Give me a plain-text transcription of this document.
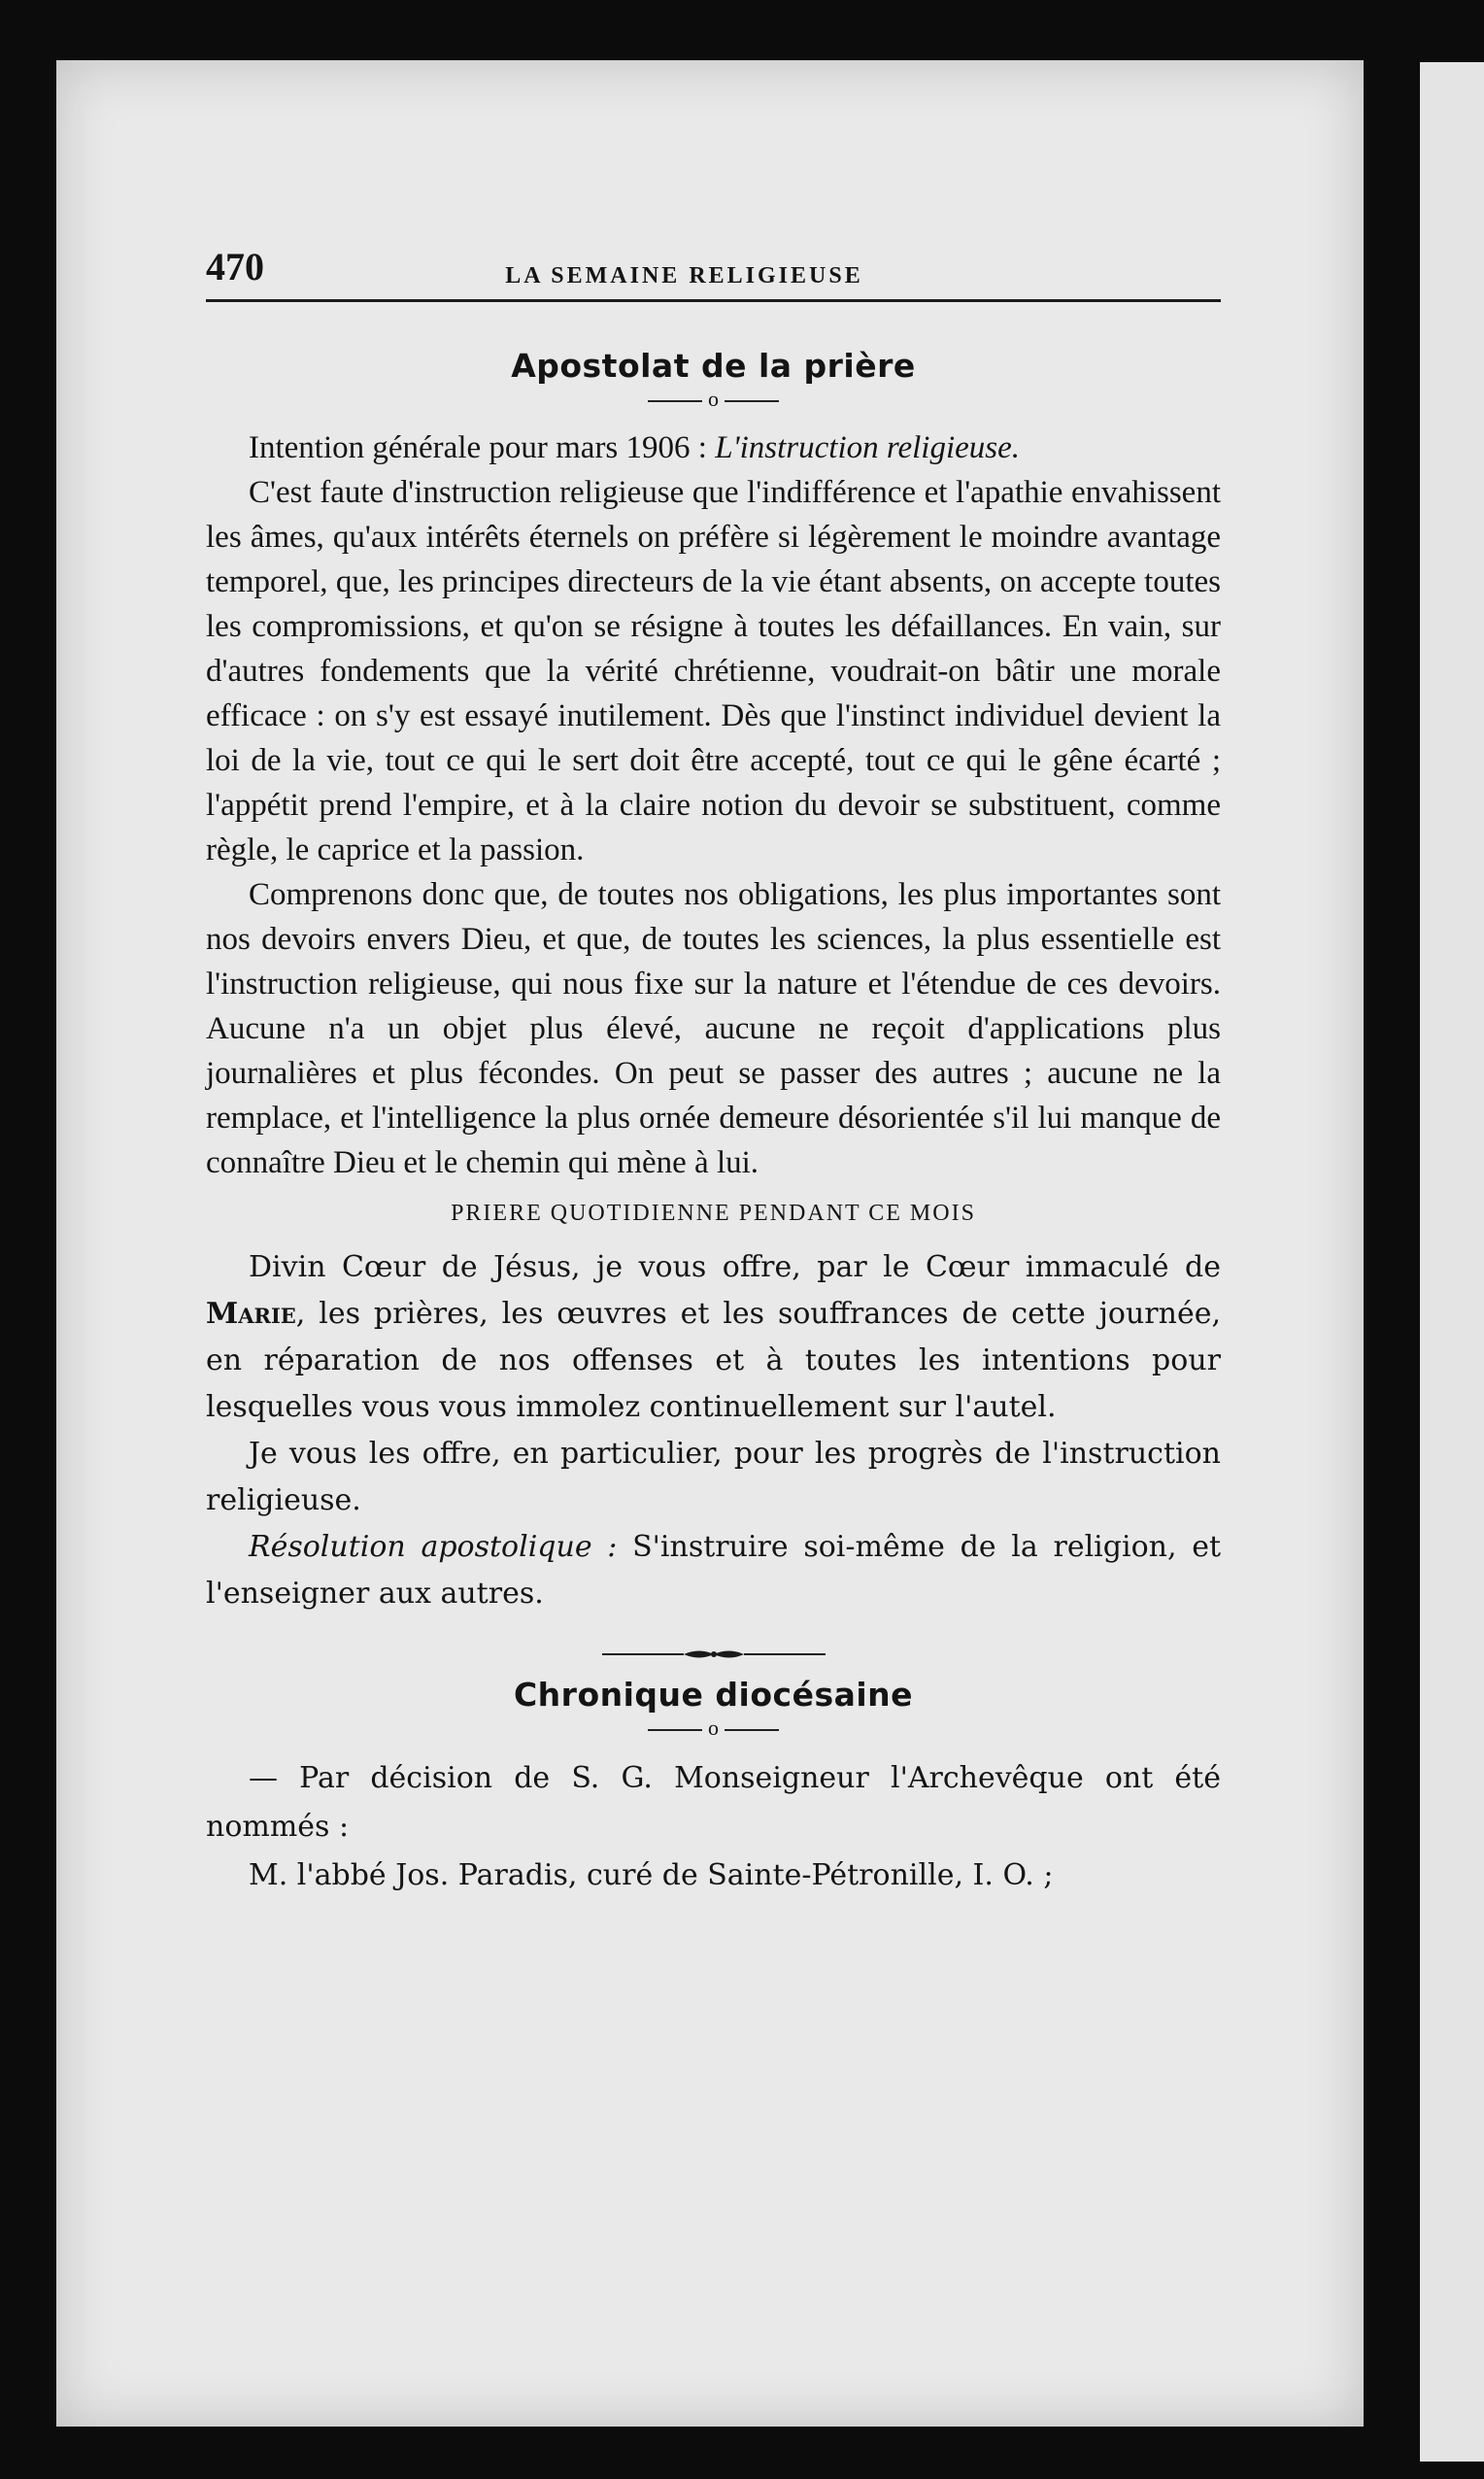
470	LA SEMAINE RELIGIEUSE
Apostolat de la prière
o

Intention générale pour mars 1906 : L'instruction religieuse.

C'est faute d'instruction religieuse que l'indifférence et l'apathie envahissent les âmes, qu'aux intérêts éternels on préfère si légèrement le moindre avantage temporel, que, les principes directeurs de la vie étant absents, on accepte toutes les compromissions, et qu'on se résigne à toutes les défaillances. En vain, sur d'autres fondements que la vérité chrétienne, voudrait-on bâtir une morale efficace : on s'y est essayé inutilement. Dès que l'instinct individuel devient la loi de la vie, tout ce qui le sert doit être accepté, tout ce qui le gêne écarté ; l'appétit prend l'empire, et à la claire notion du devoir se substituent, comme règle, le caprice et la passion.

Comprenons donc que, de toutes nos obligations, les plus importantes sont nos devoirs envers Dieu, et que, de toutes les sciences, la plus essentielle est l'instruction religieuse, qui nous fixe sur la nature et l'étendue de ces devoirs. Aucune n'a un objet plus élevé, aucune ne reçoit d'applications plus journalières et plus fécondes. On peut se passer des autres ; aucune ne la remplace, et l'intelligence la plus ornée demeure désorientée s'il lui manque de connaître Dieu et le chemin qui mène à lui.

PRIERE QUOTIDIENNE PENDANT CE MOIS

Divin Cœur de Jésus, je vous offre, par le Cœur immaculé de Marie, les prières, les œuvres et les souffrances de cette journée, en réparation de nos offenses et à toutes les intentions pour lesquelles vous vous immolez continuellement sur l'autel.

Je vous les offre, en particulier, pour les progrès de l'instruction religieuse.

Résolution apostolique : S'instruire soi-même de la religion, et l'enseigner aux autres.

Chronique diocésaine
o

— Par décision de S. G. Monseigneur l'Archevêque ont été nommés :

M. l'abbé Jos. Paradis, curé de Sainte-Pétronille, I. O. ;
